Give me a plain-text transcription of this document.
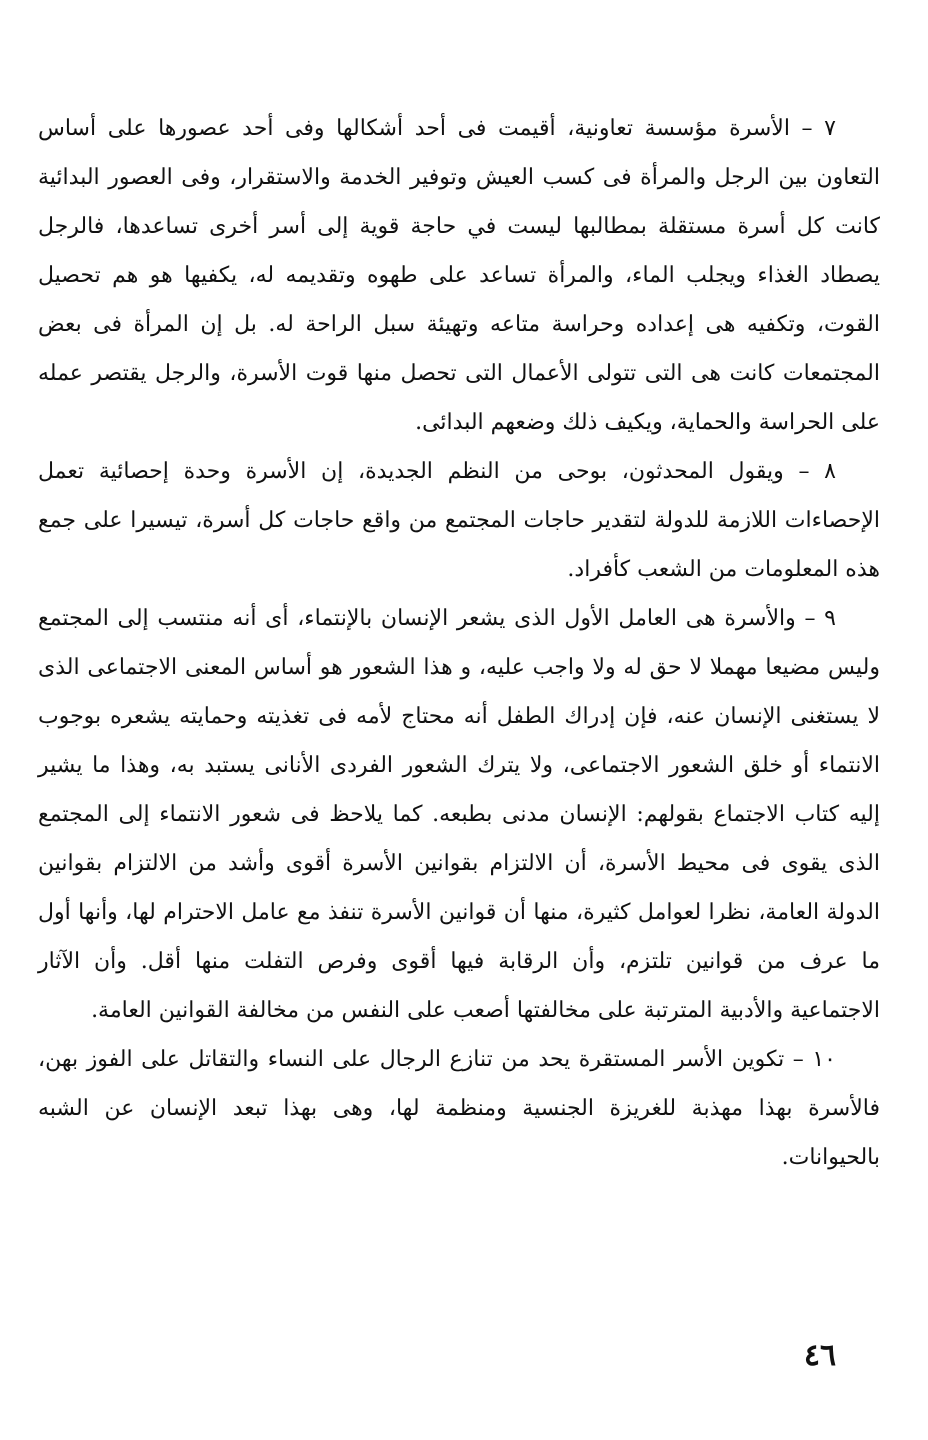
٧ – الأسرة مؤسسة تعاونية، أقيمت فى أحد أشكالها وفى أحد عصورها على أساس التعاون بين الرجل والمرأة فى كسب العيش وتوفير الخدمة والاستقرار، وفى العصور البدائية كانت كل أسرة مستقلة بمطالبها ليست في حاجة قوية إلى أسر أخرى تساعدها، فالرجل يصطاد الغذاء ويجلب الماء، والمرأة تساعد على طهوه وتقديمه له، يكفيها هو هم تحصيل القوت، وتكفيه هى إعداده وحراسة متاعه وتهيئة سبل الراحة له. بل إن المرأة فى بعض المجتمعات كانت هى التى تتولى الأعمال التى تحصل منها قوت الأسرة، والرجل يقتصر عمله على الحراسة والحماية، ويكيف ذلك وضعهم البدائى.

٨ – ويقول المحدثون، بوحى من النظم الجديدة، إن الأسرة وحدة إحصائية تعمل الإحصاءات اللازمة للدولة لتقدير حاجات المجتمع من واقع حاجات كل أسرة، تيسيرا على جمع هذه المعلومات من الشعب كأفراد.

٩ – والأسرة هى العامل الأول الذى يشعر الإنسان بالإنتماء، أى أنه منتسب إلى المجتمع وليس مضيعا مهملا لا حق له ولا واجب عليه، و هذا الشعور هو أساس المعنى الاجتماعى الذى لا يستغنى الإنسان عنه، فإن إدراك الطفل أنه محتاج لأمه فى تغذيته وحمايته يشعره بوجوب الانتماء أو خلق الشعور الاجتماعى، ولا يترك الشعور الفردى الأنانى يستبد به، وهذا ما يشير إليه كتاب الاجتماع بقولهم: الإنسان مدنى بطبعه. كما يلاحظ فى شعور الانتماء إلى المجتمع الذى يقوى فى محيط الأسرة، أن الالتزام بقوانين الأسرة أقوى وأشد من الالتزام بقوانين الدولة العامة، نظرا لعوامل كثيرة، منها أن قوانين الأسرة تنفذ مع عامل الاحترام لها، وأنها أول ما عرف من قوانين تلتزم، وأن الرقابة فيها أقوى وفرص التفلت منها أقل. وأن الآثار الاجتماعية والأدبية المترتبة على مخالفتها أصعب على النفس من مخالفة القوانين العامة.

١٠ – تكوين الأسر المستقرة يحد من تنازع الرجال على النساء والتقاتل على الفوز بهن، فالأسرة بهذا مهذبة للغريزة الجنسية ومنظمة لها، وهى بهذا تبعد الإنسان عن الشبه بالحيوانات.

٤٦
